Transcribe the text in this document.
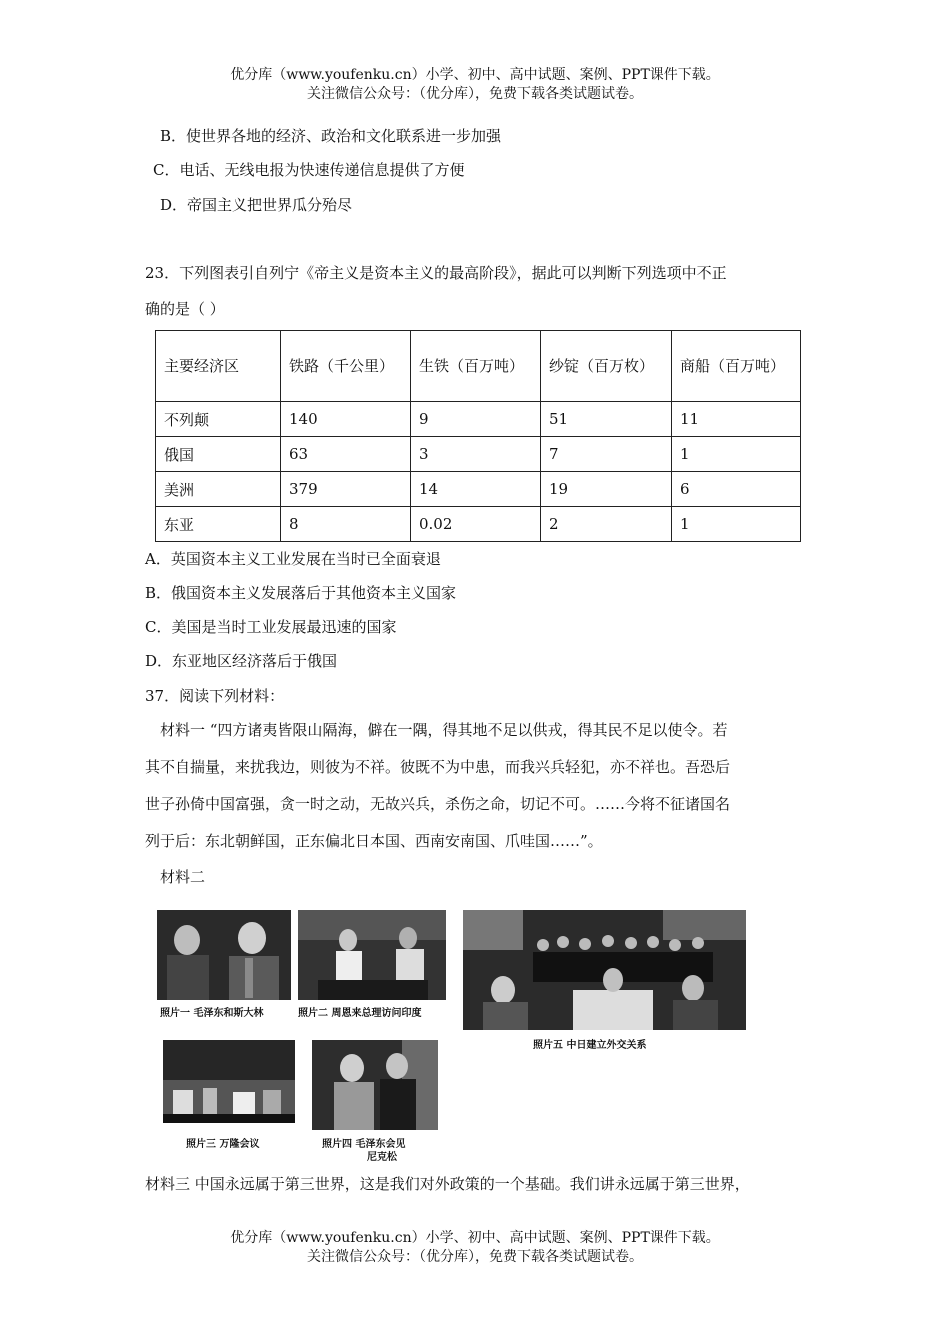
优分库（www.youfenku.cn）小学、初中、高中试题、案例、PPT课件下载。
关注微信公众号：（优分库），免费下载各类试题试卷。
B．使世界各地的经济、政治和文化联系进一步加强
C．电话、无线电报为快速传递信息提供了方便
D．帝国主义把世界瓜分殆尽
23．下列图表引自列宁《帝主义是资本主义的最高阶段》，据此可以判断下列选项中不正
确的是（ ）
主要经济区	铁路（千公里）	生铁（百万吨）	纱锭（百万枚）	商船（百万吨）
不列颠	140	9	51	11
俄国	63	3	7	1
美洲	379	14	19	6
东亚	8	0.02	2	1
A．英国资本主义工业发展在当时已全面衰退
B．俄国资本主义发展落后于其他资本主义国家
C．美国是当时工业发展最迅速的国家
D．东亚地区经济落后于俄国
37．阅读下列材料：
材料一 “四方诸夷皆限山隔海，僻在一隅，得其地不足以供戎，得其民不足以使令。若
其不自揣量，来扰我边，则彼为不祥。彼既不为中患，而我兴兵轻犯，亦不祥也。吾恐后
世子孙倚中国富强，贪一时之动，无故兴兵，杀伤之命，切记不可。……今将不征诸国名
列于后：东北朝鲜国，正东偏北日本国、西南安南国、爪哇国……”。
材料二
照片一 毛泽东和斯大林	照片二 周恩来总理访问印度
照片五 中日建立外交关系
照片三 万隆会议	照片四 毛泽东会见
尼克松
材料三 中国永远属于第三世界，这是我们对外政策的一个基础。我们讲永远属于第三世界，
优分库（www.youfenku.cn）小学、初中、高中试题、案例、PPT课件下载。
关注微信公众号：（优分库），免费下载各类试题试卷。
